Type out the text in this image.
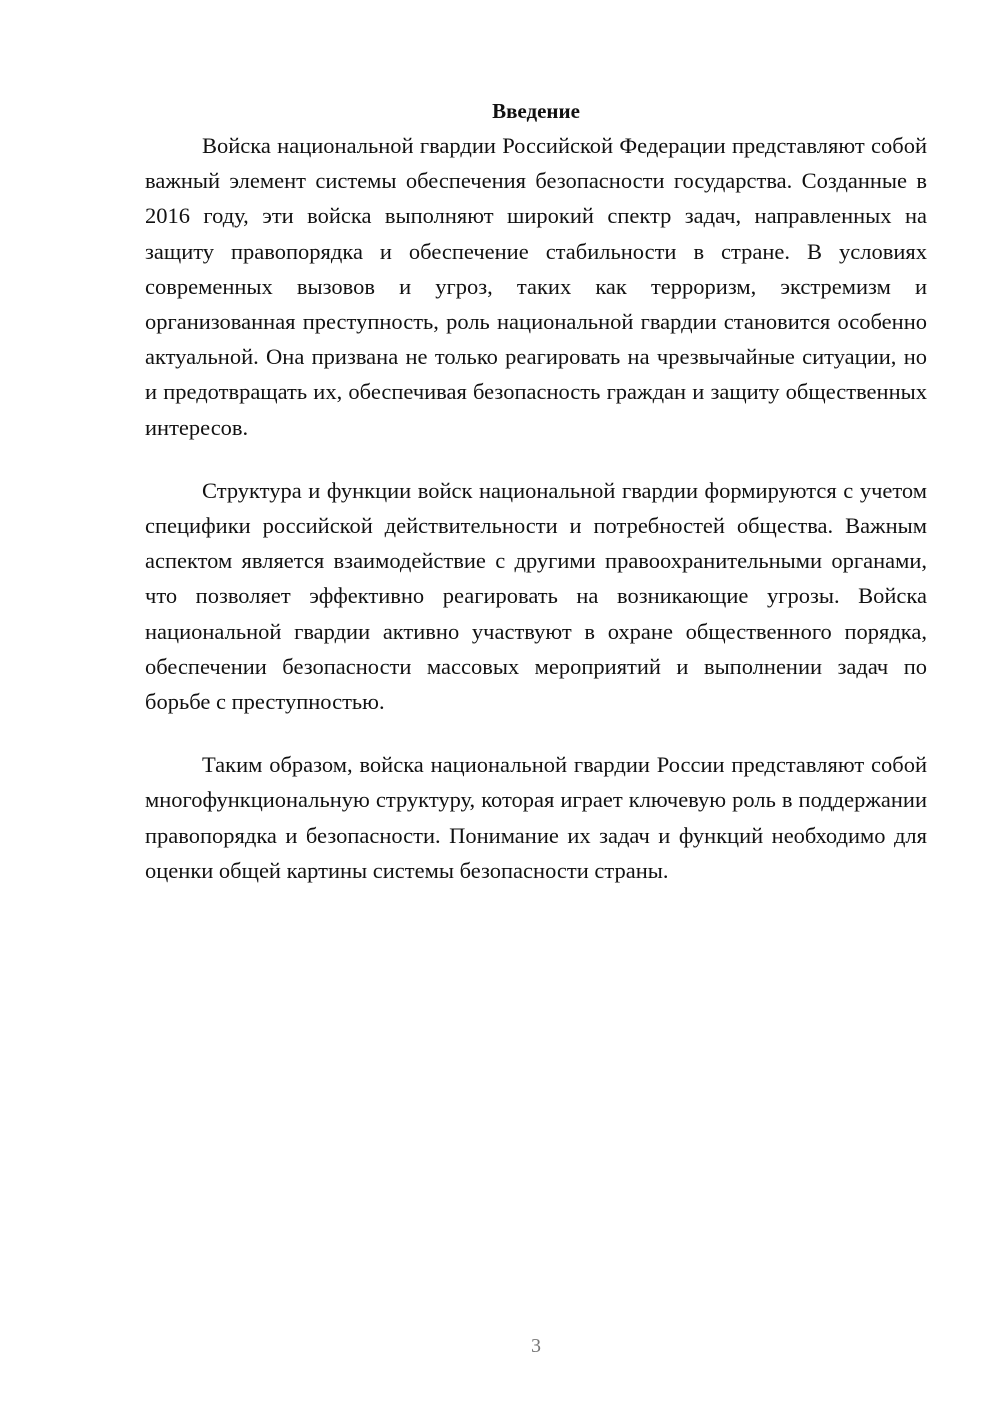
Введение

Войска национальной гвардии Российской Федерации представляют собой важный элемент системы обеспечения безопасности государства. Созданные в 2016 году, эти войска выполняют широкий спектр задач, направленных на защиту правопорядка и обеспечение стабильности в стране. В условиях современных вызовов и угроз, таких как терроризм, экстремизм и организованная преступность, роль национальной гвардии становится особенно актуальной. Она призвана не только реагировать на чрезвычайные ситуации, но и предотвращать их, обеспечивая безопасность граждан и защиту общественных интересов.

Структура и функции войск национальной гвардии формируются с учетом специфики российской действительности и потребностей общества. Важным аспектом является взаимодействие с другими правоохранительными органами, что позволяет эффективно реагировать на возникающие угрозы. Войска национальной гвардии активно участвуют в охране общественного порядка, обеспечении безопасности массовых мероприятий и выполнении задач по борьбе с преступностью.

Таким образом, войска национальной гвардии России представляют собой многофункциональную структуру, которая играет ключевую роль в поддержании правопорядка и безопасности. Понимание их задач и функций необходимо для оценки общей картины системы безопасности страны.

3
